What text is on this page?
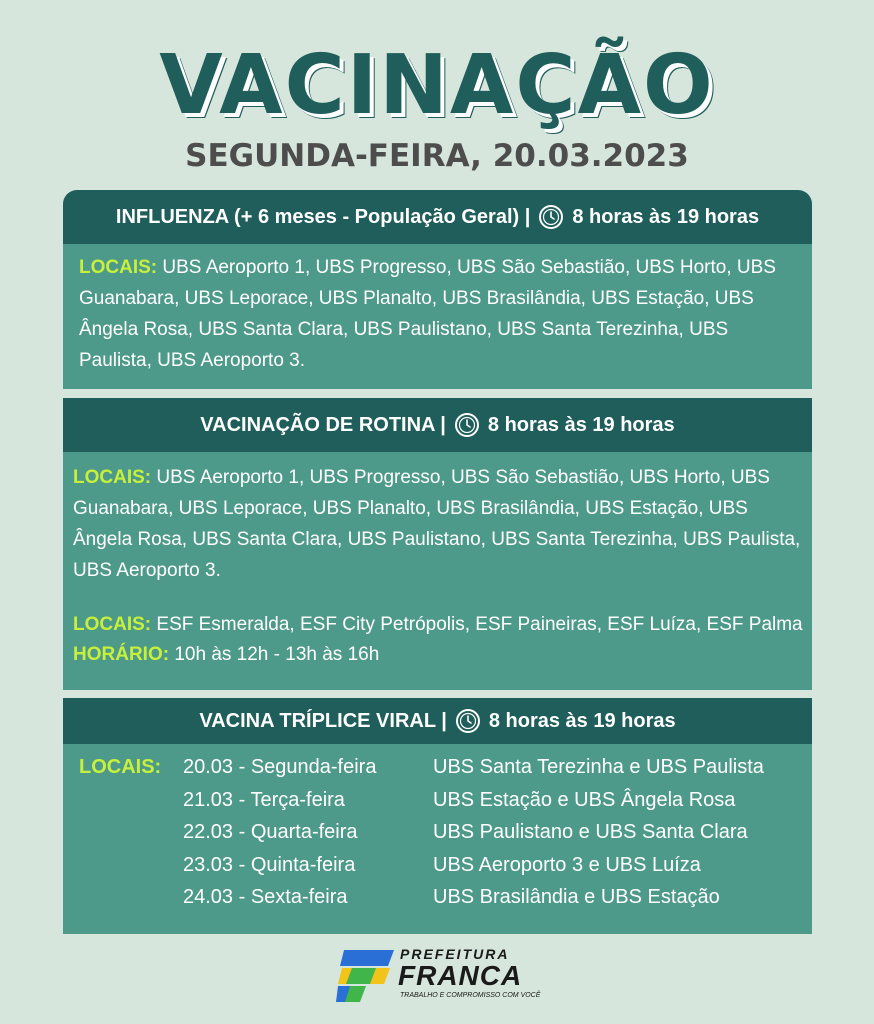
VACINAÇÃO
SEGUNDA-FEIRA, 20.03.2023
INFLUENZA (+ 6 meses - População Geral) | 8 horas às 19 horas
LOCAIS: UBS Aeroporto 1, UBS Progresso, UBS São Sebastião, UBS Horto, UBS Guanabara, UBS Leporace, UBS Planalto, UBS Brasilândia, UBS Estação, UBS Ângela Rosa, UBS Santa Clara, UBS Paulistano, UBS Santa Terezinha, UBS Paulista, UBS Aeroporto 3.
VACINAÇÃO DE ROTINA | 8 horas às 19 horas
LOCAIS: UBS Aeroporto 1, UBS Progresso, UBS São Sebastião, UBS Horto, UBS Guanabara, UBS Leporace, UBS Planalto, UBS Brasilândia, UBS Estação, UBS Ângela Rosa, UBS Santa Clara, UBS Paulistano, UBS Santa Terezinha, UBS Paulista, UBS Aeroporto 3.
LOCAIS: ESF Esmeralda, ESF City Petrópolis, ESF Paineiras, ESF Luíza, ESF Palma
HORÁRIO: 10h às 12h - 13h às 16h
VACINA TRÍPLICE VIRAL | 8 horas às 19 horas
LOCAIS: 20.03 - Segunda-feira	UBS Santa Terezinha e UBS Paulista
21.03 - Terça-feira	UBS Estação e UBS Ângela Rosa
22.03 - Quarta-feira	UBS Paulistano e UBS Santa Clara
23.03 - Quinta-feira	UBS Aeroporto 3 e UBS Luíza
24.03 - Sexta-feira	UBS Brasilândia e UBS Estação
PREFEITURA
FRANCA
TRABALHO E COMPROMISSO COM VOCÊ
